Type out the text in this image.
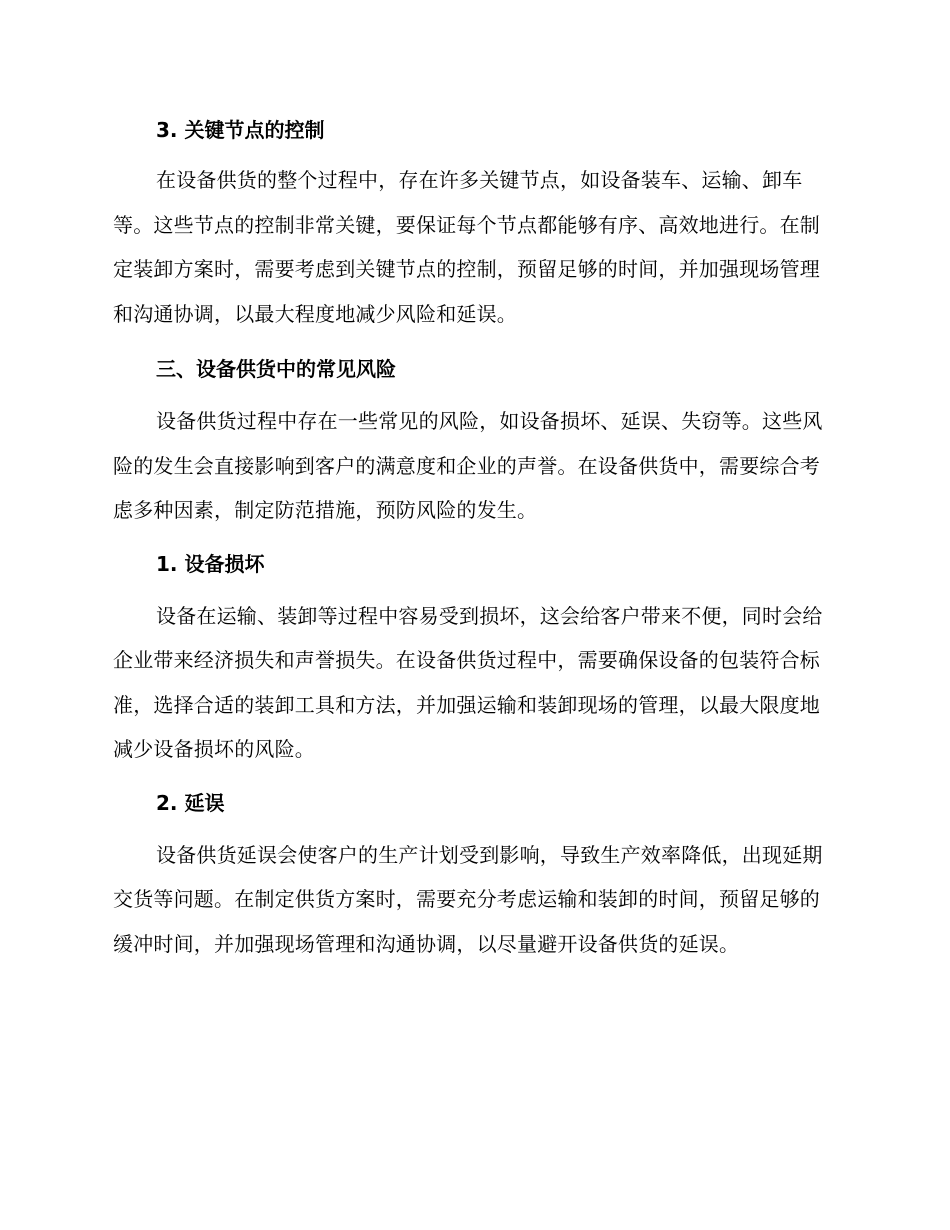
3. 关键节点的控制

在设备供货的整个过程中，存在许多关键节点，如设备装车、运输、卸车等。这些节点的控制非常关键，要保证每个节点都能够有序、高效地进行。在制定装卸方案时，需要考虑到关键节点的控制，预留足够的时间，并加强现场管理和沟通协调，以最大程度地减少风险和延误。

三、设备供货中的常见风险

设备供货过程中存在一些常见的风险，如设备损坏、延误、失窃等。这些风险的发生会直接影响到客户的满意度和企业的声誉。在设备供货中，需要综合考虑多种因素，制定防范措施，预防风险的发生。

1. 设备损坏

设备在运输、装卸等过程中容易受到损坏，这会给客户带来不便，同时会给企业带来经济损失和声誉损失。在设备供货过程中，需要确保设备的包装符合标准，选择合适的装卸工具和方法，并加强运输和装卸现场的管理，以最大限度地减少设备损坏的风险。

2. 延误

设备供货延误会使客户的生产计划受到影响，导致生产效率降低，出现延期交货等问题。在制定供货方案时，需要充分考虑运输和装卸的时间，预留足够的缓冲时间，并加强现场管理和沟通协调，以尽量避开设备供货的延误。
